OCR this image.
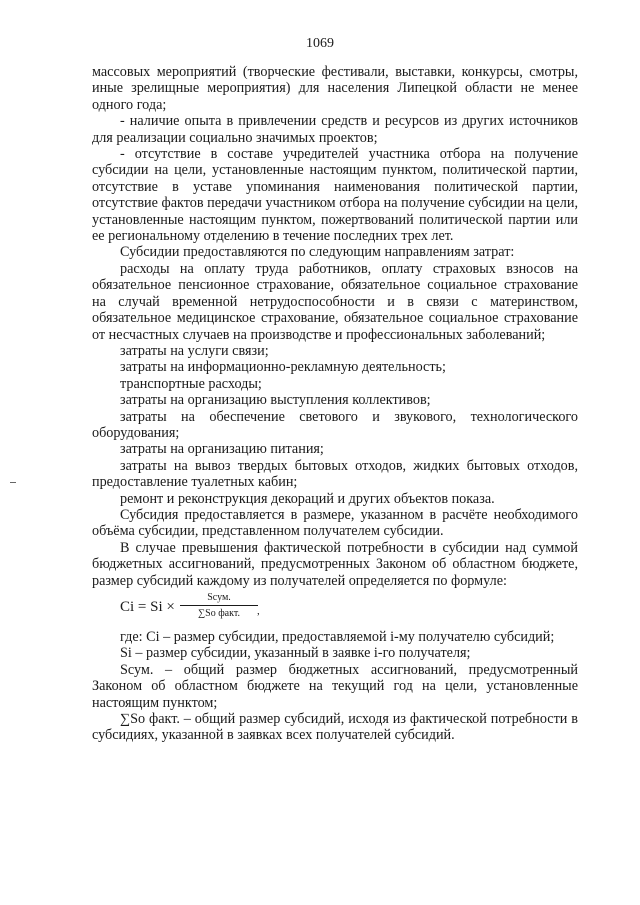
1069

массовых мероприятий (творческие фестивали, выставки, конкурсы, смотры, иные зрелищные мероприятия) для населения Липецкой области не менее одного года;

- наличие опыта в привлечении средств и ресурсов из других источников для реализации социально значимых проектов;

- отсутствие в составе учредителей участника отбора на получение субсидии на цели, установленные настоящим пунктом, политической партии, отсутствие в уставе упоминания наименования политической партии, отсутствие фактов передачи участником отбора на получение субсидии на цели, установленные настоящим пунктом, пожертвований политической партии или ее региональному отделению в течение последних трех лет.

Субсидии предоставляются по следующим направлениям затрат:

расходы на оплату труда работников, оплату страховых взносов на обязательное пенсионное страхование, обязательное социальное страхование на случай временной нетрудоспособности и в связи с материнством, обязательное медицинское страхование, обязательное социальное страхование от несчастных случаев на производстве и профессиональных заболеваний;

затраты на услуги связи;

затраты на информационно-рекламную деятельность;

транспортные расходы;

затраты на организацию выступления коллективов;

затраты на обеспечение светового и звукового, технологического оборудования;

затраты на организацию питания;

затраты на вывоз твердых бытовых отходов, жидких бытовых отходов, предоставление туалетных кабин;

ремонт и реконструкция декораций и других объектов показа.

Субсидия предоставляется в размере, указанном в расчёте необходимого объёма субсидии, представленном получателем субсидии.

В случае превышения фактической потребности в субсидии над суммой бюджетных ассигнований, предусмотренных Законом об областном бюджете, размер субсидий каждому из получателей определяется по формуле:

Ci = Si ×
Sсум.
∑So факт.	,

где: Ci – размер субсидии, предоставляемой i-му получателю субсидий;

Si – размер субсидии, указанный в заявке i-го получателя;

Sсум. – общий размер бюджетных ассигнований, предусмотренный Законом об областном бюджете на текущий год на цели, установленные настоящим пунктом;

∑So факт. – общий размер субсидий, исходя из фактической потребности в субсидиях, указанной в заявках всех получателей субсидий.
